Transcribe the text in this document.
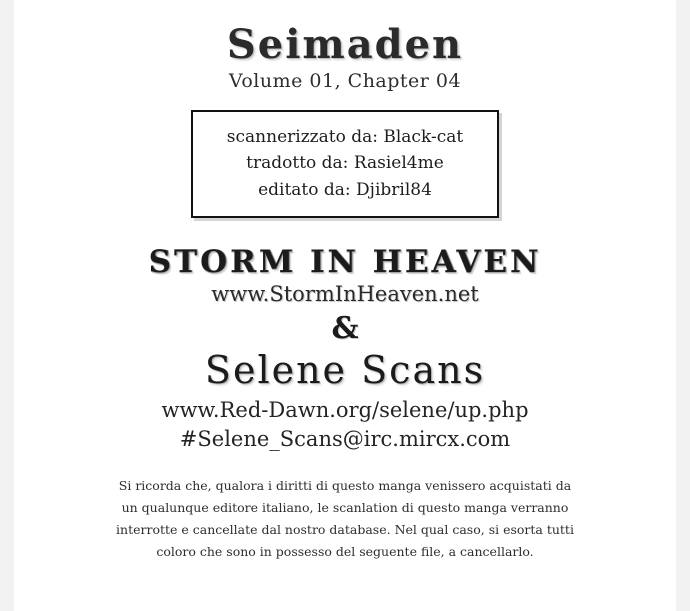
Seimaden
Volume 01, Chapter 04
scannerizzato da: Black-cat
tradotto da: Rasiel4me
editato da: Djibril84
STORM IN HEAVEN
www.StormInHeaven.net
&
Selene Scans
www.Red-Dawn.org/selene/up.php
#Selene_Scans@irc.mircx.com

Si ricorda che, qualora i diritti di questo manga venissero acquistati da un qualunque editore italiano, le scanlation di questo manga verranno interrotte e cancellate dal nostro database. Nel qual caso, si esorta tutti coloro che sono in possesso del seguente file, a cancellarlo.
